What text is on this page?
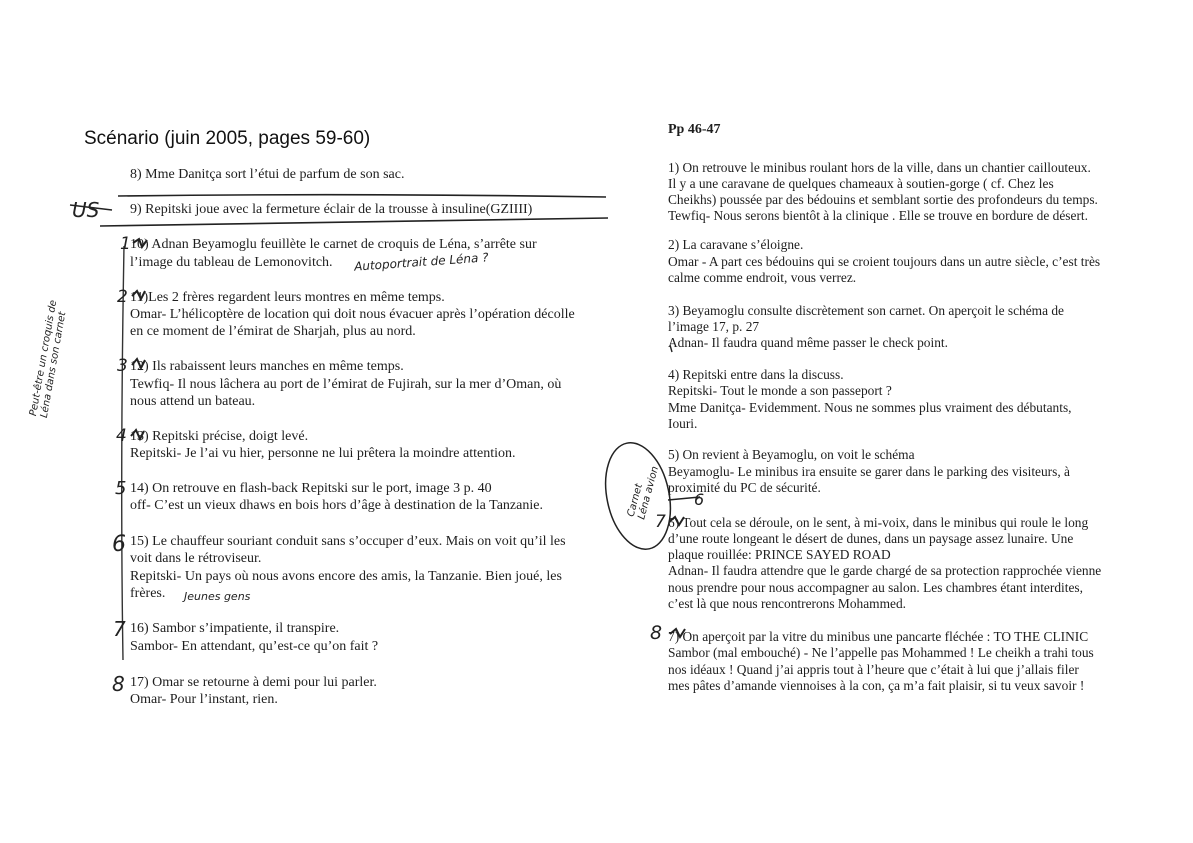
Scénario (juin 2005, pages 59-60)
8) Mme Danitça sort l’étui de parfum de son sac.
9) Repitski joue avec la fermeture éclair de la trousse à insuline(GZIIII)
10) Adnan Beyamoglu feuillète le carnet de croquis de Léna, s’arrête sur
l’image du tableau de Lemonovitch.
11)Les 2 frères regardent leurs montres en même temps.
Omar- L’hélicoptère de location qui doit nous évacuer après l’opération décolle
en ce moment de l’émirat de Sharjah, plus au nord.
12) Ils rabaissent leurs manches en même temps.
Tewfiq- Il nous lâchera au port de l’émirat de Fujirah, sur la mer d’Oman, où
nous attend un bateau.
13) Repitski précise, doigt levé.
Repitski- Je l’ai vu hier, personne ne lui prêtera la moindre attention.
14) On retrouve en flash-back Repitski sur le port, image 3 p. 40
off- C’est un vieux dhaws en bois hors d’âge à destination de la Tanzanie.
15) Le chauffeur souriant conduit sans s’occuper d’eux. Mais on voit qu’il les
voit dans le rétroviseur.
Repitski- Un pays où nous avons encore des amis, la Tanzanie. Bien joué, les
frères.
16) Sambor s’impatiente, il transpire.
Sambor- En attendant, qu’est-ce qu’on fait ?
17) Omar se retourne à demi pour lui parler.
Omar- Pour l’instant, rien.
Pp 46-47
1) On retrouve le minibus roulant hors de la ville, dans un chantier caillouteux.
Il y a une caravane de quelques chameaux à soutien-gorge ( cf. Chez les
Cheikhs) poussée par des bédouins et semblant sortie des profondeurs du temps.
Tewfiq- Nous serons bientôt à la clinique . Elle se trouve en bordure de désert.
2) La caravane s’éloigne.
Omar - A part ces bédouins qui se croient toujours dans un autre siècle, c’est très
calme comme endroit, vous verrez.
3) Beyamoglu consulte discrètement son carnet. On aperçoit le schéma de
l’image 17, p. 27
Adnan- Il faudra quand même passer le check point.
4) Repitski entre dans la discuss.
Repitski- Tout le monde a son passeport ?
Mme Danitça- Evidemment. Nous ne sommes plus vraiment des débutants,
Iouri.
5) On revient à Beyamoglu, on voit le schéma
Beyamoglu- Le minibus ira ensuite se garer dans le parking des visiteurs, à
proximité du PC de sécurité.
6) Tout cela se déroule, on le sent, à mi-voix, dans le minibus qui roule le long
d’une route longeant le désert de dunes, dans un paysage assez lunaire. Une
plaque rouillée: PRINCE SAYED ROAD
Adnan- Il faudra attendre que le garde chargé de sa protection rapprochée vienne
nous prendre pour nous accompagner au salon. Les chambres étant interdites,
c’est là que nous rencontrerons Mohammed.
7) On aperçoit par la vitre du minibus une pancarte fléchée : TO THE CLINIC
Sambor (mal embouché) - Ne l’appelle pas Mohammed ! Le cheikh a trahi tous
nos idéaux ! Quand j’ai appris tout à l’heure que c’était à lui que j’allais filer
mes pâtes d’amande viennoises à la con, ça m’a fait plaisir, si tu veux savoir !
US
Autoportrait de Léna ?
Peut-être un croquis de Léna dans son carnet
Jeunes gens
Carnet Léna avion
1
2
3
4
5
6
7
8
6
7
8
